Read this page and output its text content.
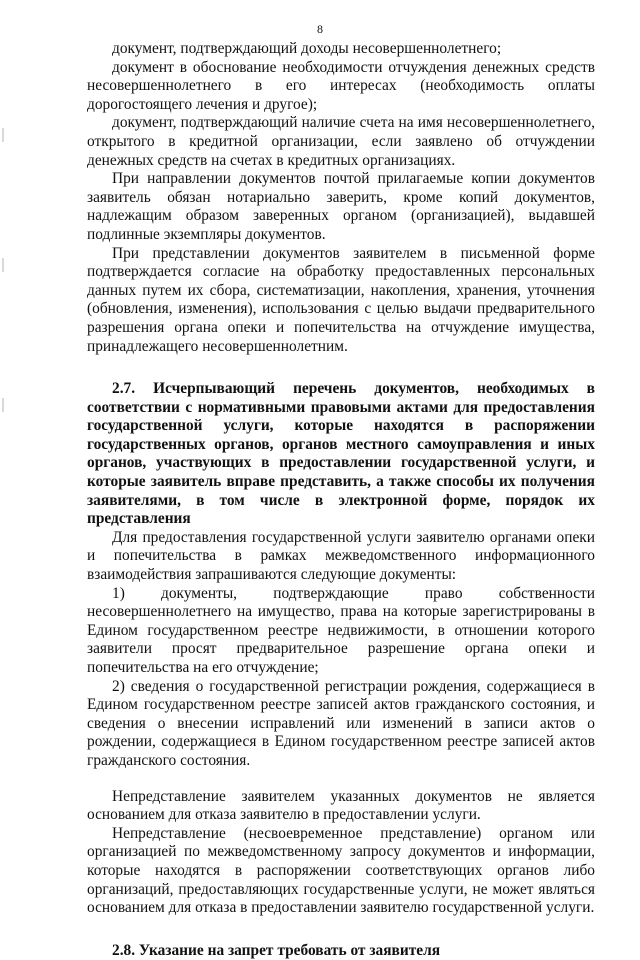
8

документ, подтверждающий доходы несовершеннолетнего;

документ в обоснование необходимости отчуждения денежных средств несовершеннолетнего в его интересах (необходимость оплаты дорогостоящего лечения и другое);

документ, подтверждающий наличие счета на имя несовершеннолетнего, открытого в кредитной организации, если заявлено об отчуждении денежных средств на счетах в кредитных организациях.

При направлении документов почтой прилагаемые копии документов заявитель обязан нотариально заверить, кроме копий документов, надлежащим образом заверенных органом (организацией), выдавшей подлинные экземпляры документов.

При представлении документов заявителем в письменной форме подтверждается согласие на обработку предоставленных персональных данных путем их сбора, систематизации, накопления, хранения, уточнения (обновления, изменения), использования с целью выдачи предварительного разрешения органа опеки и попечительства на отчуждение имущества, принадлежащего несовершеннолетним.

2.7. Исчерпывающий перечень документов, необходимых в соответствии с нормативными правовыми актами для предоставления государственной услуги, которые находятся в распоряжении государственных органов, органов местного самоуправления и иных органов, участвующих в предоставлении государственной услуги, и которые заявитель вправе представить, а также способы их получения заявителями, в том числе в электронной форме, порядок их представления

Для предоставления государственной услуги заявителю органами опеки и попечительства в рамках межведомственного информационного взаимодействия запрашиваются следующие документы:

1) документы, подтверждающие право собственности несовершеннолетнего на имущество, права на которые зарегистрированы в Едином государственном реестре недвижимости, в отношении которого заявители просят предварительное разрешение органа опеки и попечительства на его отчуждение;

2) сведения о государственной регистрации рождения, содержащиеся в Едином государственном реестре записей актов гражданского состояния, и сведения о внесении исправлений или изменений в записи актов о рождении, содержащиеся в Едином государственном реестре записей актов гражданского состояния.

Непредставление заявителем указанных документов не является основанием для отказа заявителю в предоставлении услуги.

Непредставление (несвоевременное представление) органом или организацией по межведомственному запросу документов и информации, которые находятся в распоряжении соответствующих органов либо организаций, предоставляющих государственные услуги, не может являться основанием для отказа в предоставлении заявителю государственной услуги.

2.8. Указание на запрет требовать от заявителя
